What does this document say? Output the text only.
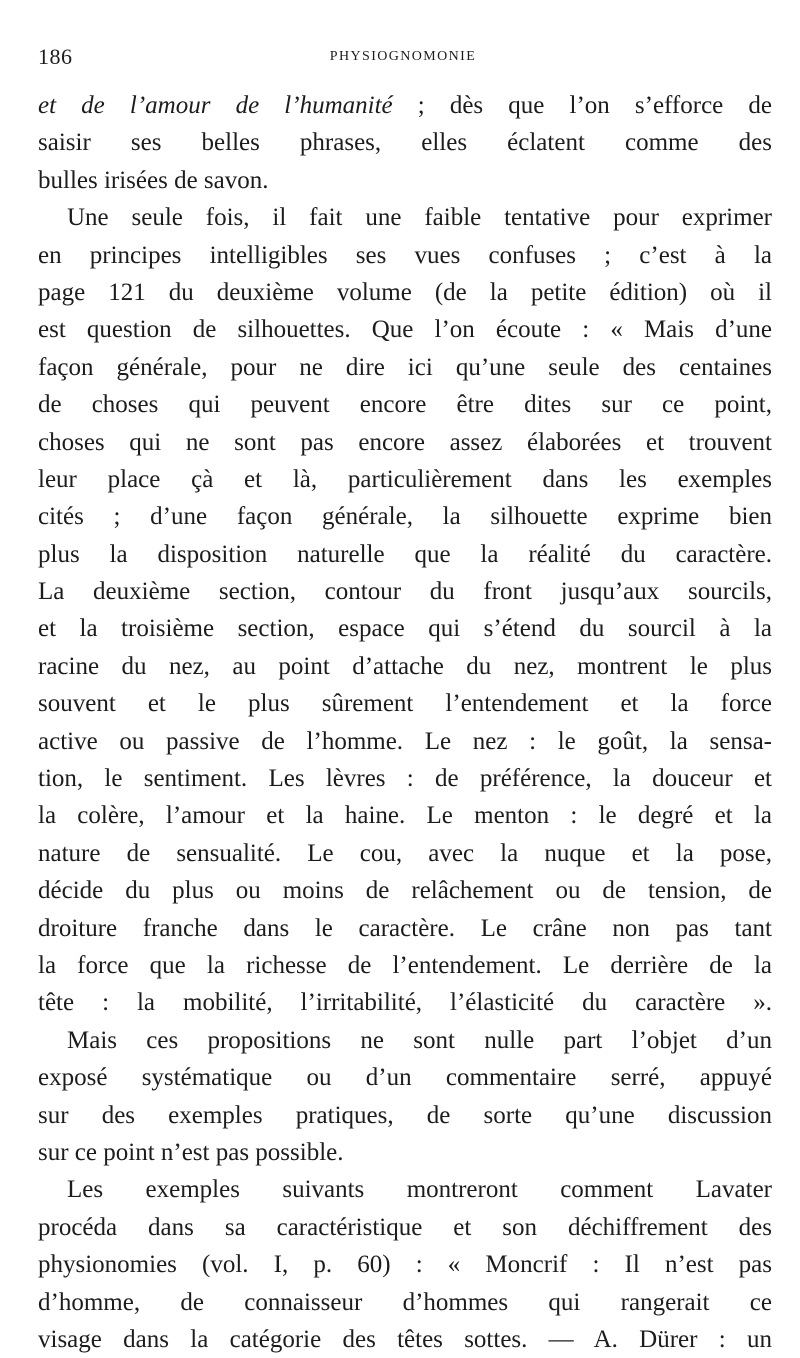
186	PHYSIOGNOMONIE
et de l’amour de l’humanité ; dès que l’on s’efforce de
saisir ses belles phrases, elles éclatent comme des
bulles irisées de savon.
Une seule fois, il fait une faible tentative pour exprimer
en principes intelligibles ses vues confuses ; c’est à la
page 121 du deuxième volume (de la petite édition) où il
est question de silhouettes. Que l’on écoute : « Mais d’une
façon générale, pour ne dire ici qu’une seule des centaines
de choses qui peuvent encore être dites sur ce point,
choses qui ne sont pas encore assez élaborées et trouvent
leur place çà et là, particulièrement dans les exemples
cités ; d’une façon générale, la silhouette exprime bien
plus la disposition naturelle que la réalité du caractère.
La deuxième section, contour du front jusqu’aux sourcils,
et la troisième section, espace qui s’étend du sourcil à la
racine du nez, au point d’attache du nez, montrent le plus
souvent et le plus sûrement l’entendement et la force
active ou passive de l’homme. Le nez : le goût, la sensa-
tion, le sentiment. Les lèvres : de préférence, la douceur et
la colère, l’amour et la haine. Le menton : le degré et la
nature de sensualité. Le cou, avec la nuque et la pose,
décide du plus ou moins de relâchement ou de tension, de
droiture franche dans le caractère. Le crâne non pas tant
la force que la richesse de l’entendement. Le derrière de la
tête : la mobilité, l’irritabilité, l’élasticité du caractère ».
Mais ces propositions ne sont nulle part l’objet d’un
exposé systématique ou d’un commentaire serré, appuyé
sur des exemples pratiques, de sorte qu’une discussion
sur ce point n’est pas possible.
Les exemples suivants montreront comment Lavater
procéda dans sa caractéristique et son déchiffrement des
physionomies (vol. I, p. 60) : « Moncrif : Il n’est pas
d’homme, de connaisseur d’hommes qui rangerait ce
visage dans la catégorie des têtes sottes. — A. Dürer : un
